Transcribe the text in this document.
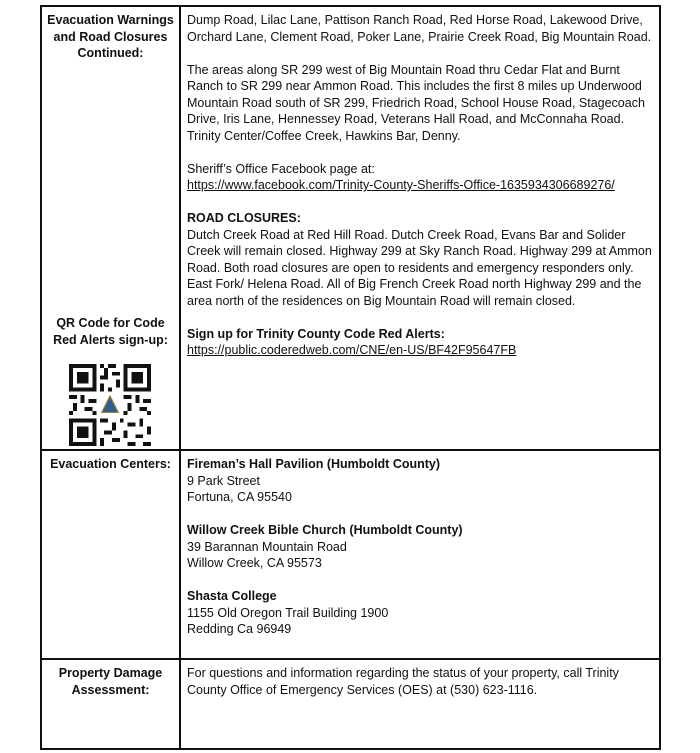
Evacuation Warnings and Road Closures Continued:
QR Code for Code Red Alerts sign-up:

Dump Road, Lilac Lane, Pattison Ranch Road, Red Horse Road, Lakewood Drive, Orchard Lane, Clement Road, Poker Lane, Prairie Creek Road, Big Mountain Road.

The areas along SR 299 west of Big Mountain Road thru Cedar Flat and Burnt Ranch to SR 299 near Ammon Road. This includes the first 8 miles up Underwood Mountain Road south of SR 299, Friedrich Road, School House Road, Stagecoach Drive, Iris Lane, Hennessey Road, Veterans Hall Road, and McConnaha Road. Trinity Center/Coffee Creek, Hawkins Bar, Denny.

Sheriff’s Office Facebook page at:
https://www.facebook.com/Trinity-County-Sheriffs-Office-1635934306689276/

ROAD CLOSURES:
Dutch Creek Road at Red Hill Road. Dutch Creek Road, Evans Bar and Solider Creek will remain closed. Highway 299 at Sky Ranch Road. Highway 299 at Ammon Road. Both road closures are open to residents and emergency responders only. East Fork/ Helena Road. All of Big French Creek Road north Highway 299 and the area north of the residences on Big Mountain Road will remain closed.

Sign up for Trinity County Code Red Alerts:
https://public.coderedweb.com/CNE/en-US/BF42F95647FB

Evacuation Centers:	Fireman’s Hall Pavilion (Humboldt County)
9 Park Street
Fortuna, CA 95540

Willow Creek Bible Church (Humboldt County)
39 Barannan Mountain Road
Willow Creek, CA 95573

Shasta College
1155 Old Oregon Trail Building 1900
Redding Ca 96949

Property Damage Assessment:

For questions and information regarding the status of your property, call Trinity County Office of Emergency Services (OES) at (530) 623-1116.
